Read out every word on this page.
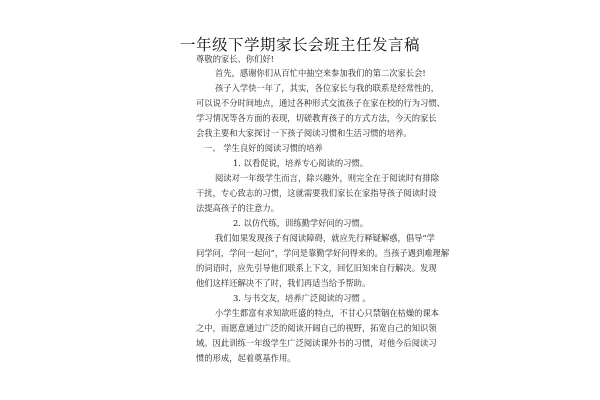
一年级下学期家长会班主任发言稿
尊敬的家长、你们好!
首先，感谢你们从百忙中抽空来参加我们的第二次家长会!
孩子入学快一年了，其实，各位家长与我的联系是经常性的，
可以说不分时间地点，通过各种形式交流孩子在家在校的行为习惯、
学习情况等各方面的表现，切磋教育孩子的方式方法，今天的家长
会我主要和大家探讨一下孩子阅读习惯和生活习惯的培养。
一、 学生良好的阅读习惯的培养
1. 以看促说，培养专心阅读的习惯。
阅读对一年级学生而言，除兴趣外，则完全在于阅读时有排除
干扰，专心致志的习惯，这就需要我们家长在家指导孩子阅读时设
法提高孩子的注意力。
2. 以仿代练，训练勤学好问的习惯。
我们如果发现孩子有阅读障碍，就应先行释疑解惑，倡导“学
问学问，学问一起问”，学问是靠勤学好问得来的。当孩子遇到难理解
的词语时，应先引导他们联系上下文，回忆旧知来自行解决。发现
他们这样还解决不了时，我们再适当给予帮助。
3. 与书交友，培养广泛阅读的习惯 。
小学生都富有求知欲旺盛的特点，不甘心只禁锢在枯燥的课本
之中，而愿意通过广泛的阅读开阔自己的视野，拓宽自己的知识领
域。因此训练一年级学生广泛阅读课外书的习惯，对他今后阅读习
惯的形成，起着奠基作用。
